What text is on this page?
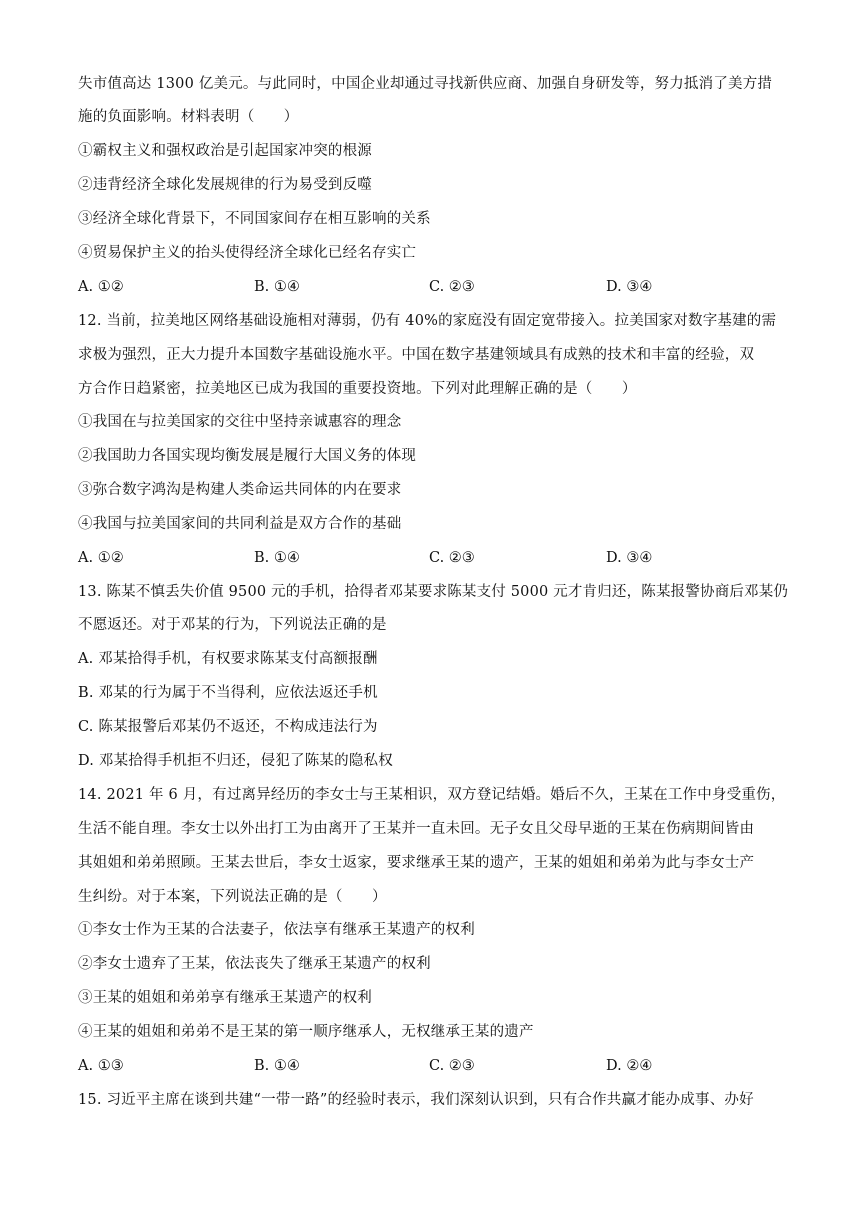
失市值高达 1300 亿美元。与此同时，中国企业却通过寻找新供应商、加强自身研发等，努力抵消了美方措
施的负面影响。材料表明（　　）
①霸权主义和强权政治是引起国家冲突的根源
②违背经济全球化发展规律的行为易受到反噬
③经济全球化背景下，不同国家间存在相互影响的关系
④贸易保护主义的抬头使得经济全球化已经名存实亡
A. ①②	B. ①④	C. ②③	D. ③④
12. 当前，拉美地区网络基础设施相对薄弱，仍有 40%的家庭没有固定宽带接入。拉美国家对数字基建的需
求极为强烈，正大力提升本国数字基础设施水平。中国在数字基建领域具有成熟的技术和丰富的经验，双
方合作日趋紧密，拉美地区已成为我国的重要投资地。下列对此理解正确的是（　　）
①我国在与拉美国家的交往中坚持亲诚惠容的理念
②我国助力各国实现均衡发展是履行大国义务的体现
③弥合数字鸿沟是构建人类命运共同体的内在要求
④我国与拉美国家间的共同利益是双方合作的基础
A. ①②	B. ①④	C. ②③	D. ③④
13. 陈某不慎丢失价值 9500 元的手机，拾得者邓某要求陈某支付 5000 元才肯归还，陈某报警协商后邓某仍
不愿返还。对于邓某的行为，下列说法正确的是
A. 邓某拾得手机，有权要求陈某支付高额报酬
B. 邓某的行为属于不当得利，应依法返还手机
C. 陈某报警后邓某仍不返还，不构成违法行为
D. 邓某拾得手机拒不归还，侵犯了陈某的隐私权
14. 2021 年 6 月，有过离异经历的李女士与王某相识，双方登记结婚。婚后不久，王某在工作中身受重伤，
生活不能自理。李女士以外出打工为由离开了王某并一直未回。无子女且父母早逝的王某在伤病期间皆由
其姐姐和弟弟照顾。王某去世后，李女士返家，要求继承王某的遗产，王某的姐姐和弟弟为此与李女士产
生纠纷。对于本案，下列说法正确的是（　　）
①李女士作为王某的合法妻子，依法享有继承王某遗产的权利
②李女士遗弃了王某，依法丧失了继承王某遗产的权利
③王某的姐姐和弟弟享有继承王某遗产的权利
④王某的姐姐和弟弟不是王某的第一顺序继承人，无权继承王某的遗产
A. ①③	B. ①④	C. ②③	D. ②④
15. 习近平主席在谈到共建“一带一路”的经验时表示，我们深刻认识到，只有合作共赢才能办成事、办好
